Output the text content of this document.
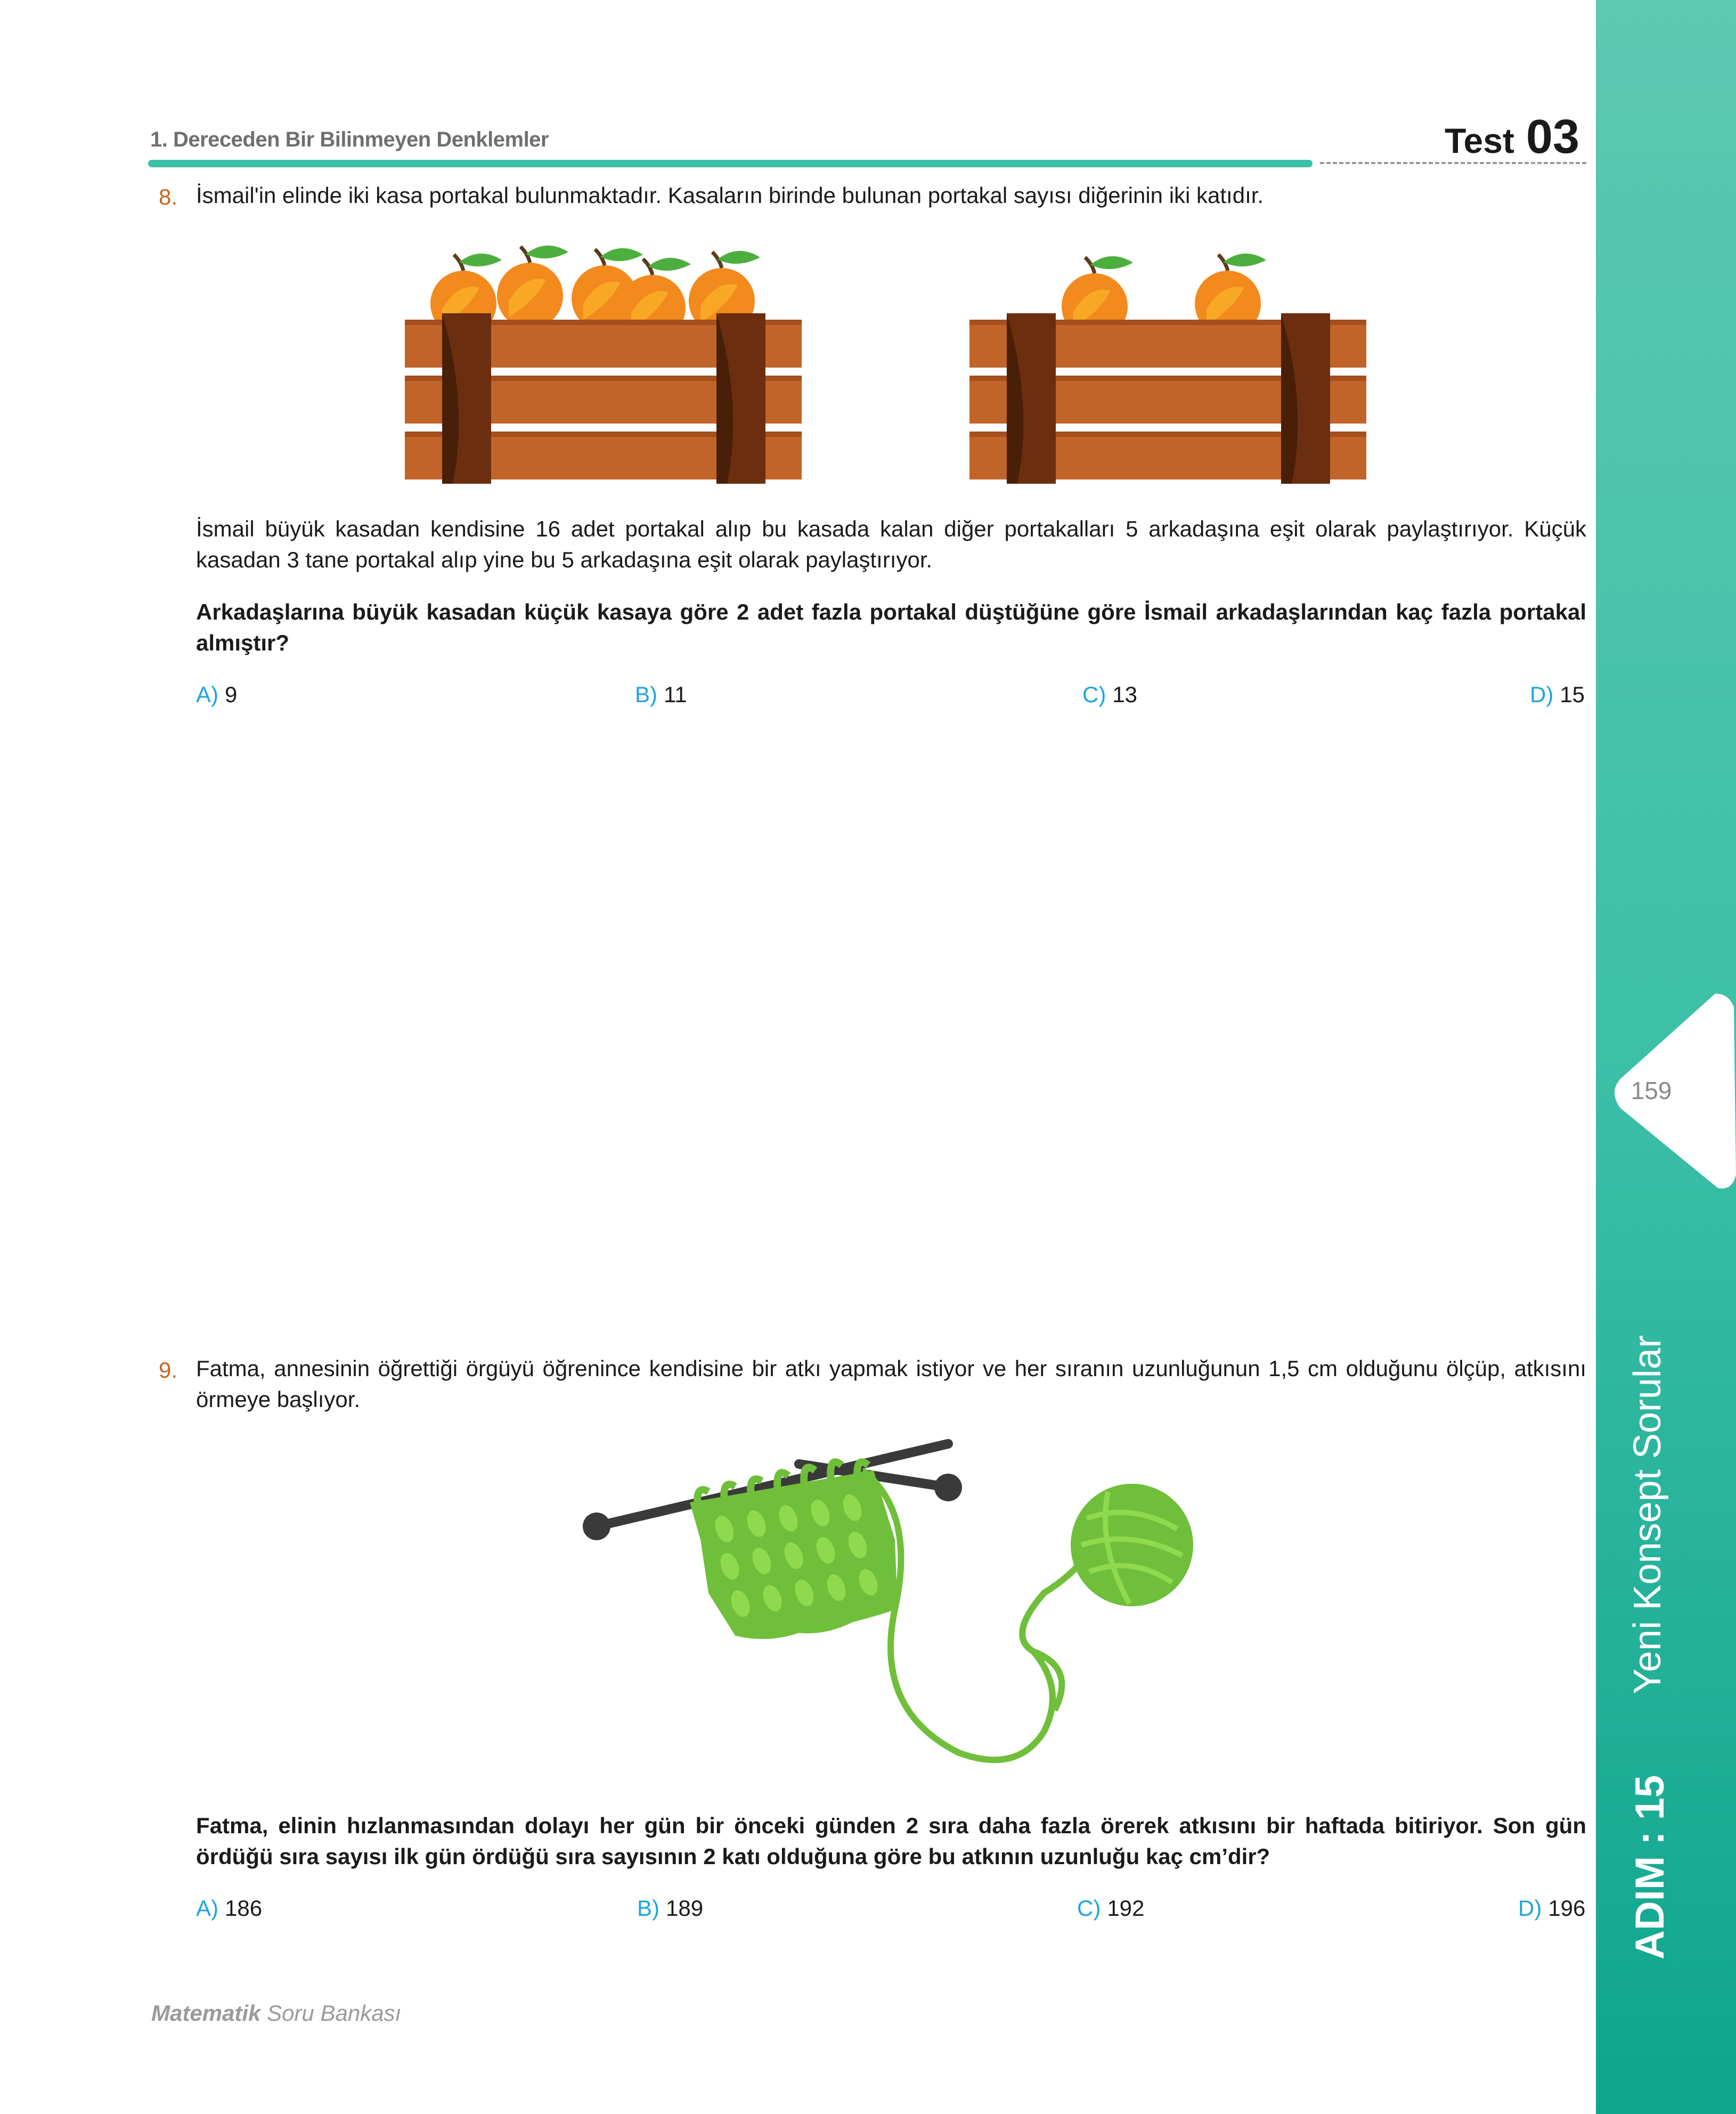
1. Dereceden Bir Bilinmeyen Denklemler	Test 03
159
Yeni Konsept Sorular
ADIM : 15
8. İsmail'in elinde iki kasa portakal bulunmaktadır. Kasaların birinde bulunan portakal sayısı diğerinin iki katıdır.
İsmail büyük kasadan kendisine 16 adet portakal alıp bu kasada kalan diğer portakalları 5 arkadaşına eşit olarak paylaştırıyor. Küçük kasadan 3 tane portakal alıp yine bu 5 arkadaşına eşit olarak paylaştırıyor.
Arkadaşlarına büyük kasadan küçük kasaya göre 2 adet fazla portakal düştüğüne göre İsmail arkadaşlarından kaç fazla portakal almıştır?
A) 9	B) 11	C) 13	D) 15
9. Fatma, annesinin öğrettiği örgüyü öğrenince kendisine bir atkı yapmak istiyor ve her sıranın uzunluğunun 1,5 cm olduğunu ölçüp, atkısını örmeye başlıyor.
Fatma, elinin hızlanmasından dolayı her gün bir önceki günden 2 sıra daha fazla örerek atkısını bir haftada bitiriyor. Son gün ördüğü sıra sayısı ilk gün ördüğü sıra sayısının 2 katı olduğuna göre bu atkının uzunluğu kaç cm’dir?
A) 186	B) 189	C) 192	D) 196
Matematik Soru Bankası
